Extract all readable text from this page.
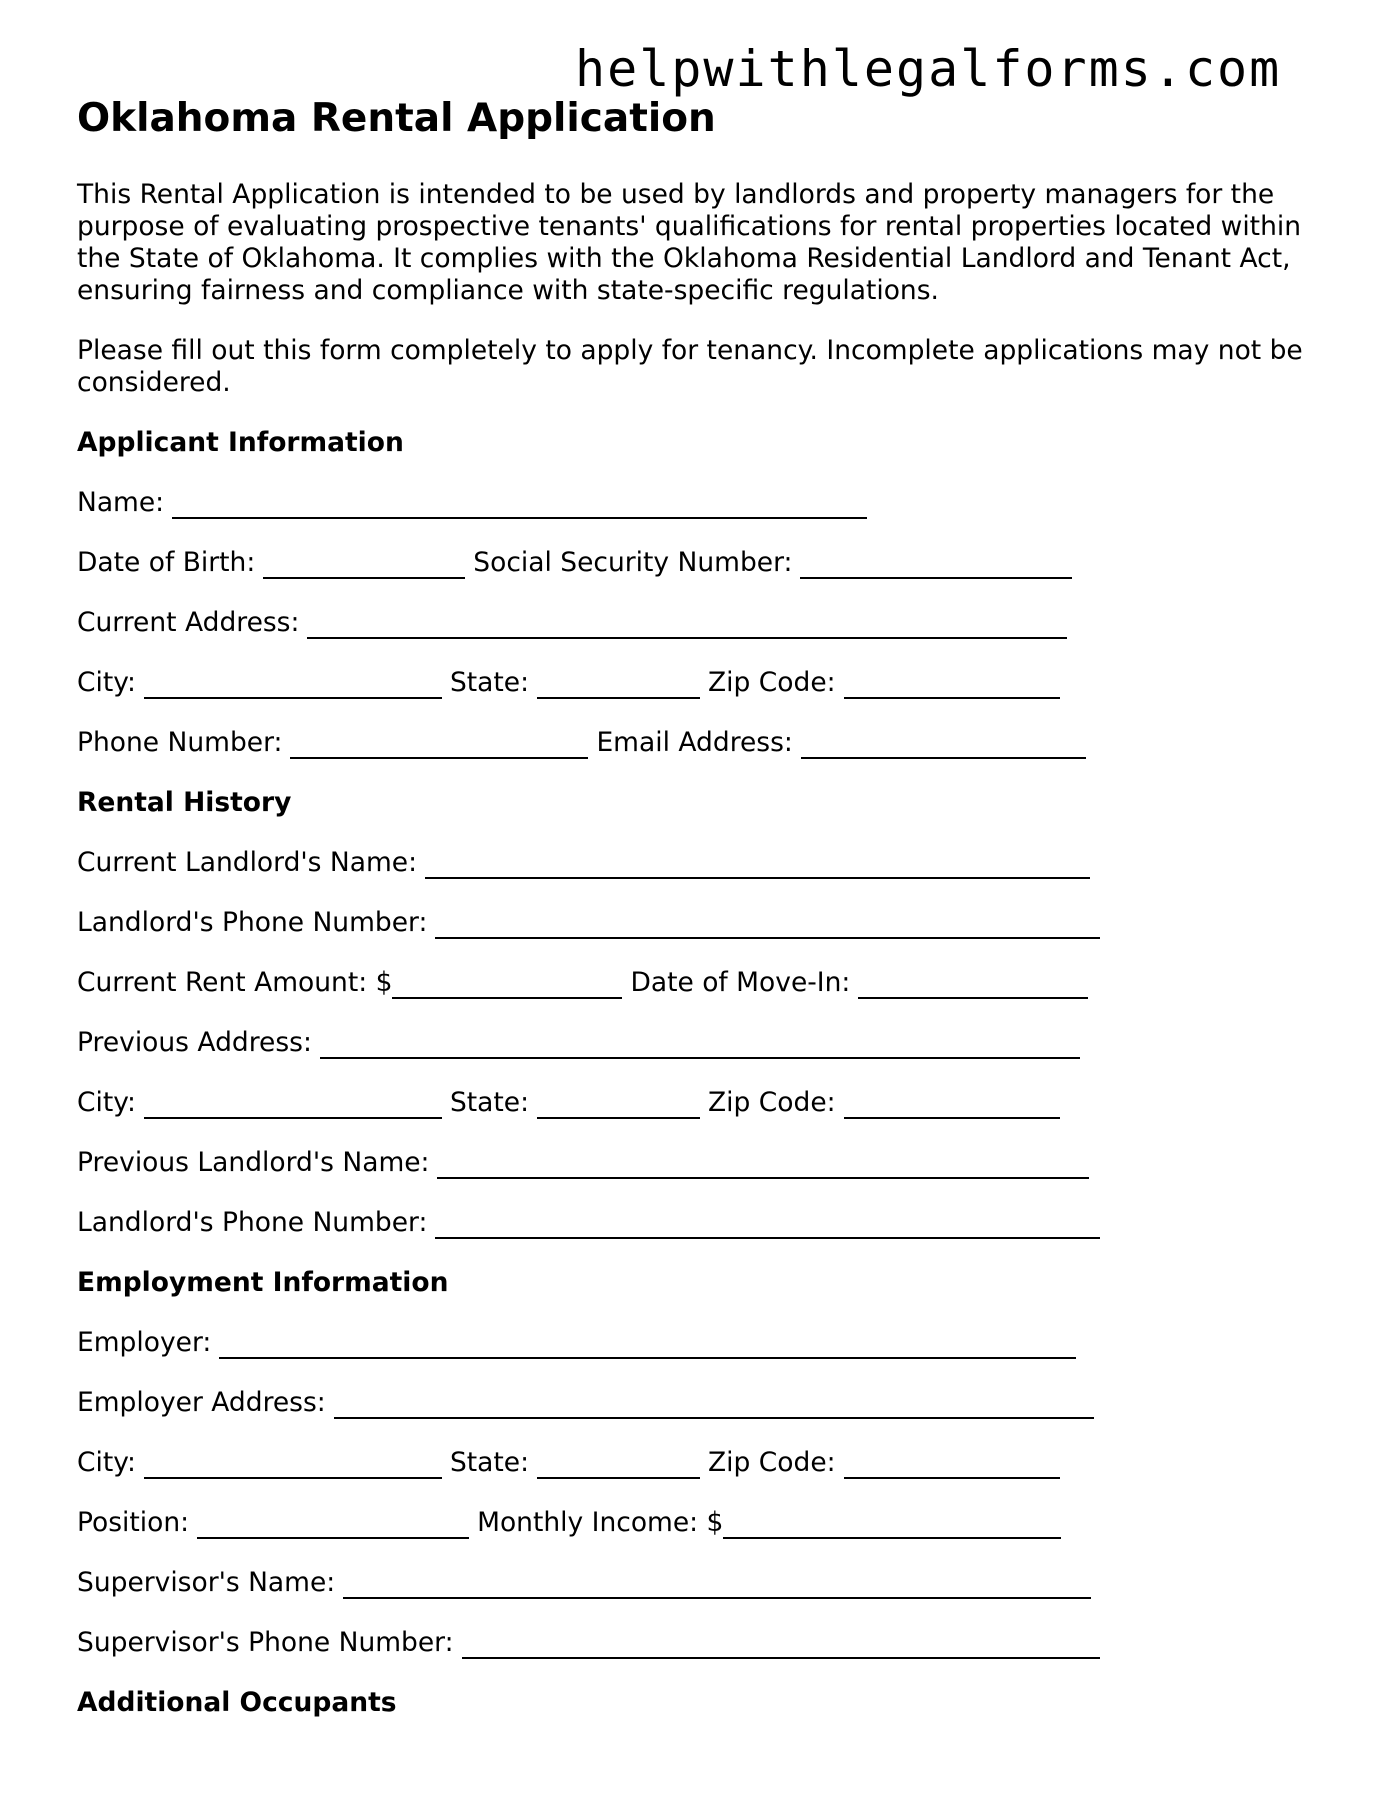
helpwithlegalforms.com
Oklahoma Rental Application

This Rental Application is intended to be used by landlords and property managers for the purpose of evaluating prospective tenants' qualifications for rental properties located within the State of Oklahoma. It complies with the Oklahoma Residential Landlord and Tenant Act, ensuring fairness and compliance with state-specific regulations.

Please fill out this form completely to apply for tenancy. Incomplete applications may not be considered.

Applicant Information
Name:
Date of Birth:	Social Security Number:
Current Address:
City:	State:	Zip Code:
Phone Number:	Email Address:
Rental History
Current Landlord's Name:
Landlord's Phone Number:
Current Rent Amount: $	Date of Move-In:
Previous Address:
City:	State:	Zip Code:
Previous Landlord's Name:
Landlord's Phone Number:
Employment Information
Employer:
Employer Address:
City:	State:	Zip Code:
Position:	Monthly Income: $
Supervisor's Name:
Supervisor's Phone Number:
Additional Occupants
